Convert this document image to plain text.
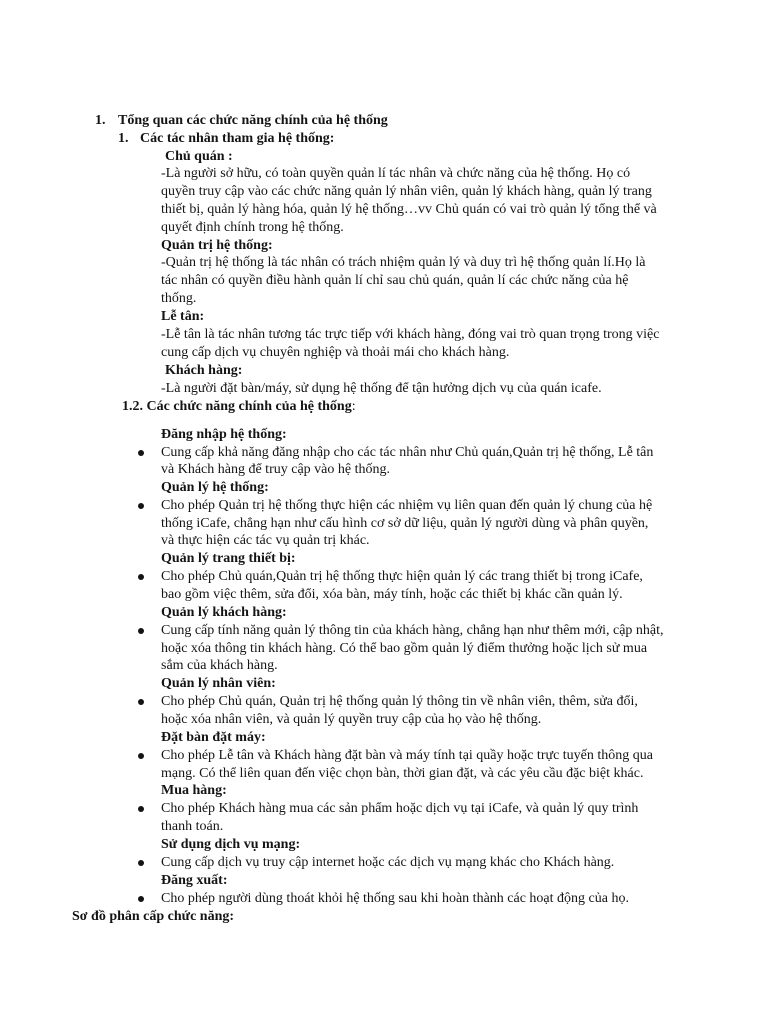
1. Tổng quan các chức năng chính của hệ thống
1. Các tác nhân tham gia hệ thống:
Chủ quán :
-Là người sở hữu, có toàn quyền quản lí tác nhân và chức năng của hệ thống. Họ có
quyền truy cập vào các chức năng quản lý nhân viên, quản lý khách hàng, quản lý trang
thiết bị, quản lý hàng hóa, quản lý hệ thống…vv Chủ quán có vai trò quản lý tổng thể và
quyết định chính trong hệ thống.
Quản trị hệ thống:
-Quản trị hệ thống là tác nhân có trách nhiệm quản lý và duy trì hệ thống quản lí.Họ là
tác nhân có quyền điều hành quản lí chỉ sau chủ quán, quản lí các chức năng của hệ
thống.
Lễ tân:
-Lễ tân là tác nhân tương tác trực tiếp với khách hàng, đóng vai trò quan trọng trong việc
cung cấp dịch vụ chuyên nghiệp và thoải mái cho khách hàng.
Khách hàng:
-Là người đặt bàn/máy, sử dụng hệ thống để tận hưởng dịch vụ của quán icafe.
1.2. Các chức năng chính của hệ thống:
Đăng nhập hệ thống:
Cung cấp khả năng đăng nhập cho các tác nhân như Chủ quán,Quản trị hệ thống, Lễ tân
và Khách hàng để truy cập vào hệ thống.
Quản lý hệ thống:
Cho phép Quản trị hệ thống thực hiện các nhiệm vụ liên quan đến quản lý chung của hệ
thống iCafe, chẳng hạn như cấu hình cơ sở dữ liệu, quản lý người dùng và phân quyền,
và thực hiện các tác vụ quản trị khác.
Quản lý trang thiết bị:
Cho phép Chủ quán,Quản trị hệ thống thực hiện quản lý các trang thiết bị trong iCafe,
bao gồm việc thêm, sửa đổi, xóa bàn, máy tính, hoặc các thiết bị khác cần quản lý.
Quản lý khách hàng:
Cung cấp tính năng quản lý thông tin của khách hàng, chẳng hạn như thêm mới, cập nhật,
hoặc xóa thông tin khách hàng. Có thể bao gồm quản lý điểm thưởng hoặc lịch sử mua
sắm của khách hàng.
Quản lý nhân viên:
Cho phép Chủ quán, Quản trị hệ thống quản lý thông tin về nhân viên, thêm, sửa đổi,
hoặc xóa nhân viên, và quản lý quyền truy cập của họ vào hệ thống.
Đặt bàn đặt máy:
Cho phép Lễ tân và Khách hàng đặt bàn và máy tính tại quầy hoặc trực tuyến thông qua
mạng. Có thể liên quan đến việc chọn bàn, thời gian đặt, và các yêu cầu đặc biệt khác.
Mua hàng:
Cho phép Khách hàng mua các sản phẩm hoặc dịch vụ tại iCafe, và quản lý quy trình
thanh toán.
Sử dụng dịch vụ mạng:
Cung cấp dịch vụ truy cập internet hoặc các dịch vụ mạng khác cho Khách hàng.
Đăng xuất:
Cho phép người dùng thoát khỏi hệ thống sau khi hoàn thành các hoạt động của họ.
Sơ đồ phân cấp chức năng:
